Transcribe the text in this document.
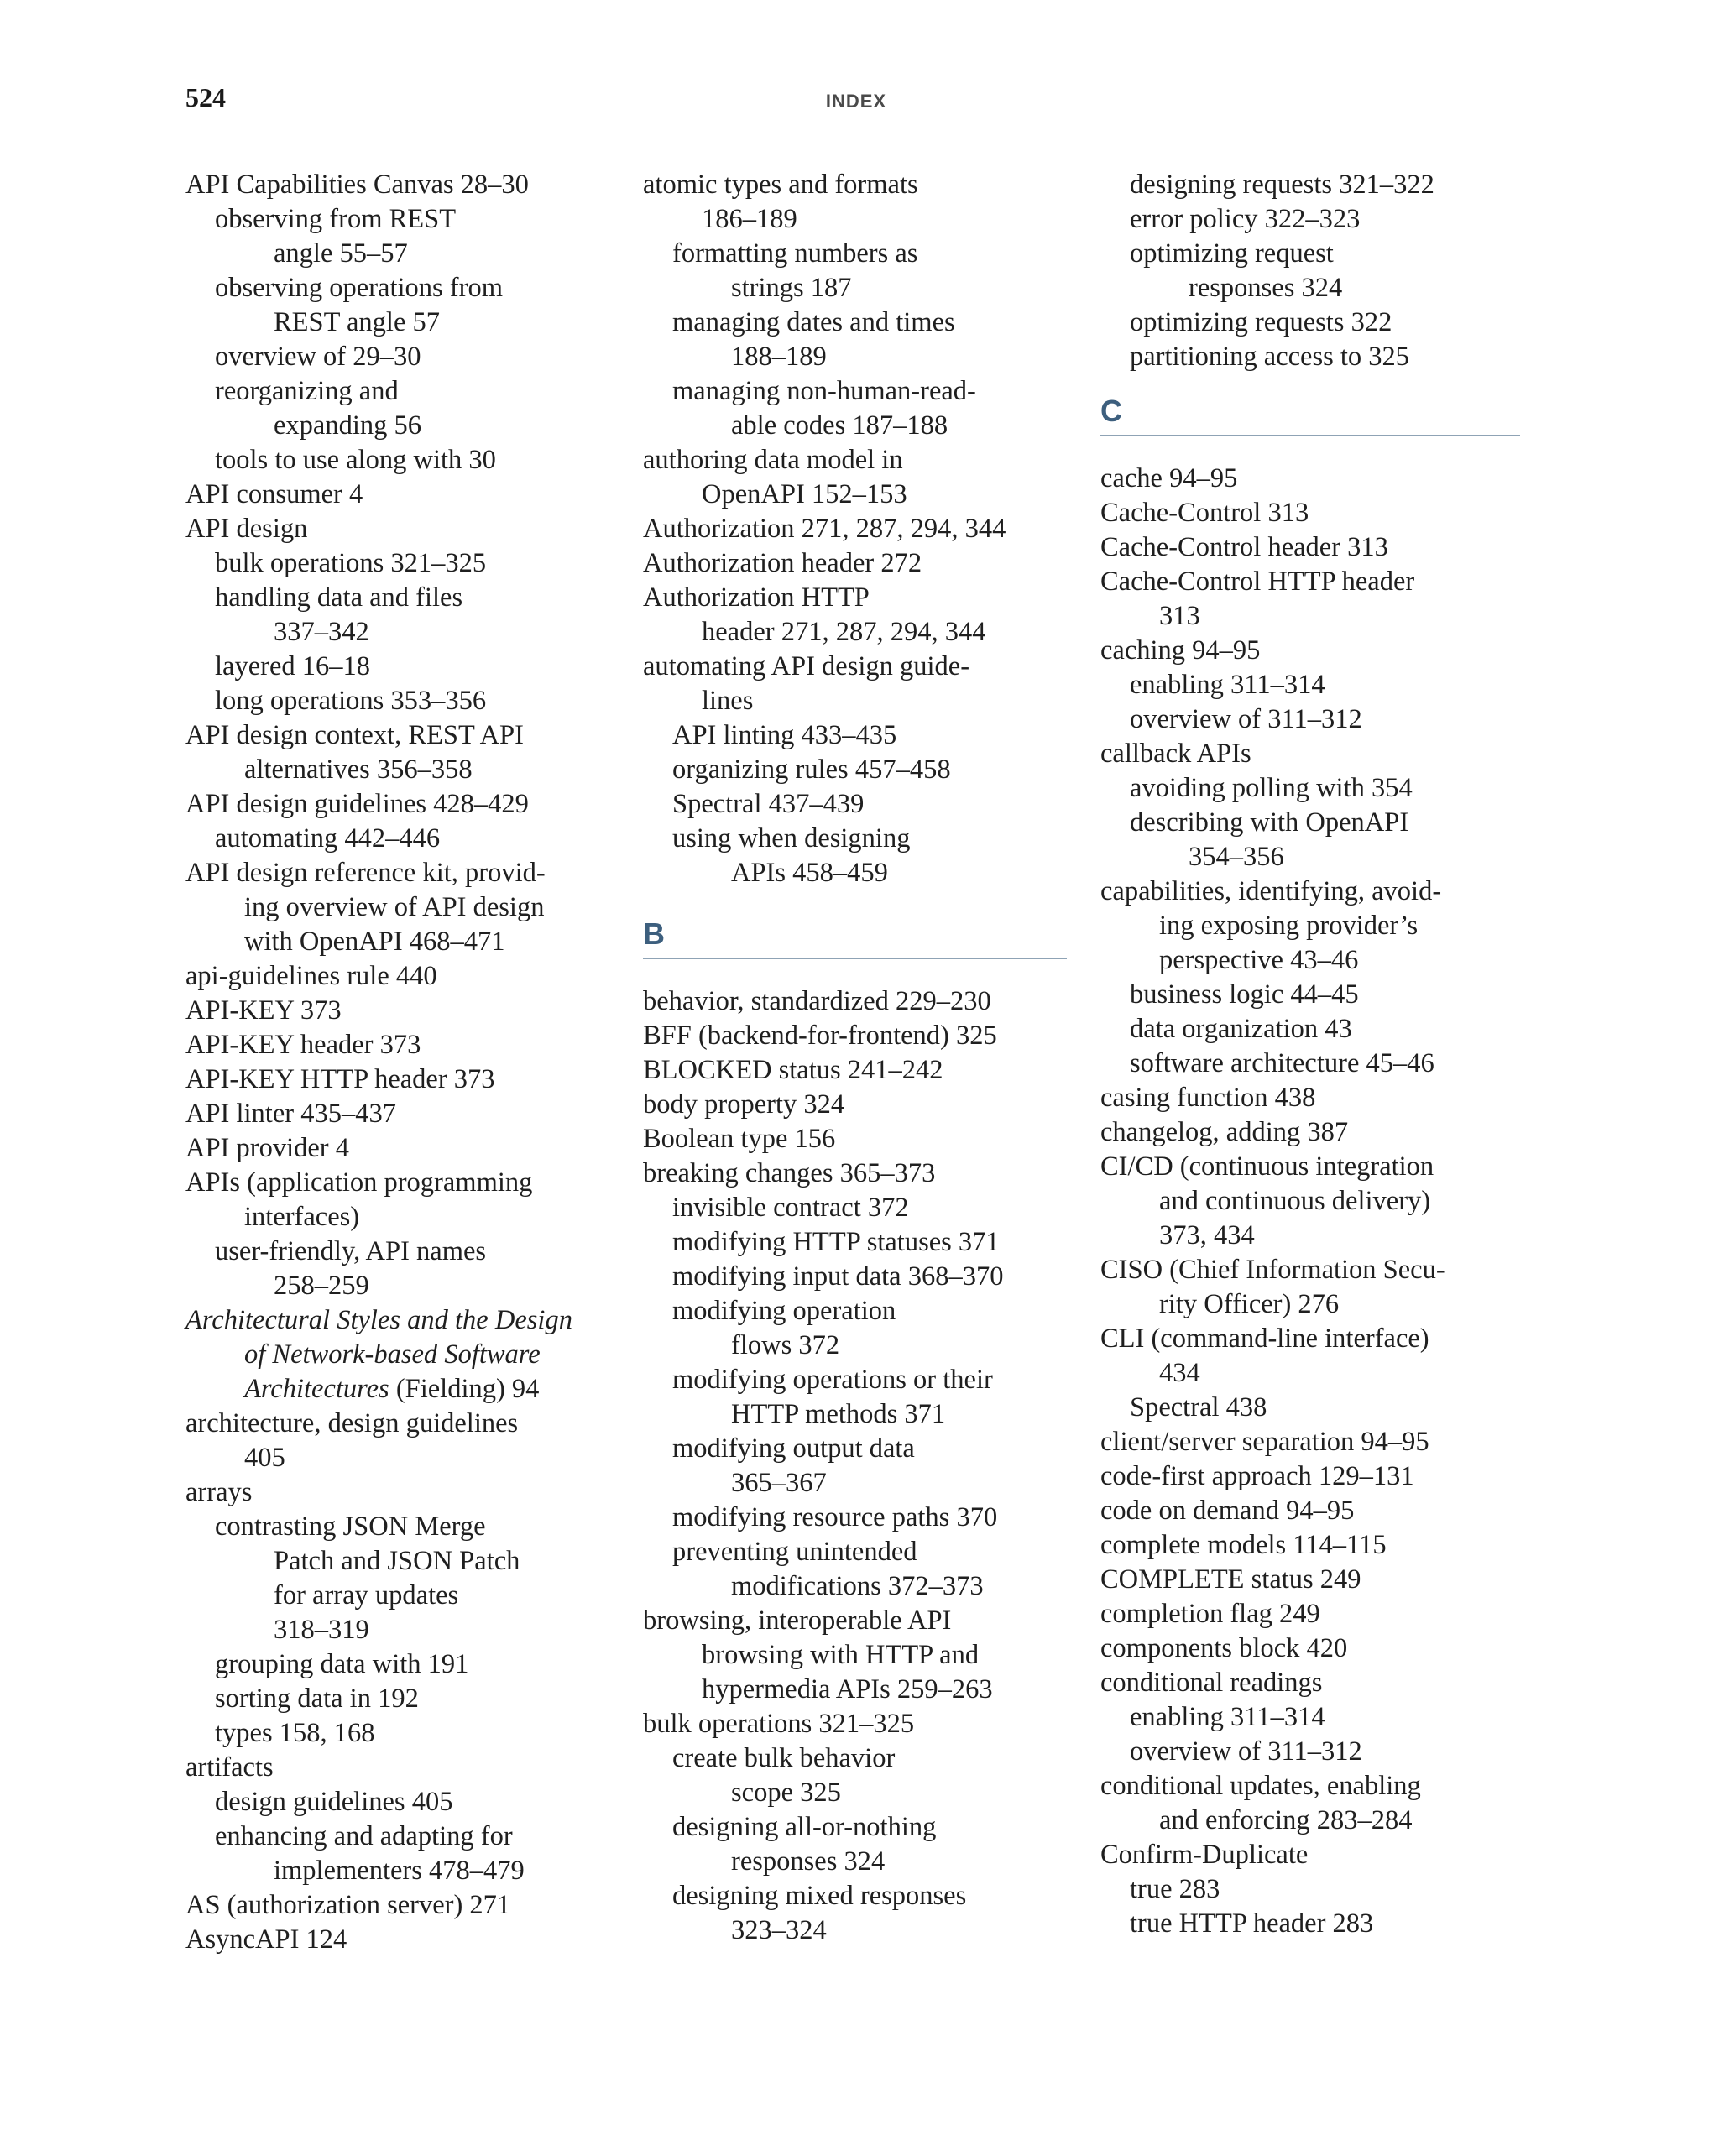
524	INDEX
API Capabilities Canvas 28–30
observing from REST
angle 55–57
observing operations from
REST angle 57
overview of 29–30
reorganizing and
expanding 56
tools to use along with 30
API consumer 4
API design
bulk operations 321–325
handling data and files
337–342
layered 16–18
long operations 353–356
API design context, REST API
alternatives 356–358
API design guidelines 428–429
automating 442–446
API design reference kit, provid-
ing overview of API design
with OpenAPI 468–471
api-guidelines rule 440
API-KEY 373
API-KEY header 373
API-KEY HTTP header 373
API linter 435–437
API provider 4
APIs (application programming
interfaces)
user-friendly, API names
258–259
Architectural Styles and the Design
of Network-based Software
Architectures (Fielding) 94
architecture, design guidelines
405
arrays
contrasting JSON Merge
Patch and JSON Patch
for array updates
318–319
grouping data with 191
sorting data in 192
types 158, 168
artifacts
design guidelines 405
enhancing and adapting for
implementers 478–479
AS (authorization server) 271
AsyncAPI 124
atomic types and formats
186–189
formatting numbers as
strings 187
managing dates and times
188–189
managing non-human-read-
able codes 187–188
authoring data model in
OpenAPI 152–153
Authorization 271, 287, 294, 344
Authorization header 272
Authorization HTTP
header 271, 287, 294, 344
automating API design guide-
lines
API linting 433–435
organizing rules 457–458
Spectral 437–439
using when designing
APIs 458–459
B
behavior, standardized 229–230
BFF (backend-for-frontend) 325
BLOCKED status 241–242
body property 324
Boolean type 156
breaking changes 365–373
invisible contract 372
modifying HTTP statuses 371
modifying input data 368–370
modifying operation
flows 372
modifying operations or their
HTTP methods 371
modifying output data
365–367
modifying resource paths 370
preventing unintended
modifications 372–373
browsing, interoperable API
browsing with HTTP and
hypermedia APIs 259–263
bulk operations 321–325
create bulk behavior
scope 325
designing all-or-nothing
responses 324
designing mixed responses
323–324
designing requests 321–322
error policy 322–323
optimizing request
responses 324
optimizing requests 322
partitioning access to 325
C
cache 94–95
Cache-Control 313
Cache-Control header 313
Cache-Control HTTP header
313
caching 94–95
enabling 311–314
overview of 311–312
callback APIs
avoiding polling with 354
describing with OpenAPI
354–356
capabilities, identifying, avoid-
ing exposing provider’s
perspective 43–46
business logic 44–45
data organization 43
software architecture 45–46
casing function 438
changelog, adding 387
CI/CD (continuous integration
and continuous delivery)
373, 434
CISO (Chief Information Secu-
rity Officer) 276
CLI (command-line interface)
434
Spectral 438
client/server separation 94–95
code-first approach 129–131
code on demand 94–95
complete models 114–115
COMPLETE status 249
completion flag 249
components block 420
conditional readings
enabling 311–314
overview of 311–312
conditional updates, enabling
and enforcing 283–284
Confirm-Duplicate
true 283
true HTTP header 283
